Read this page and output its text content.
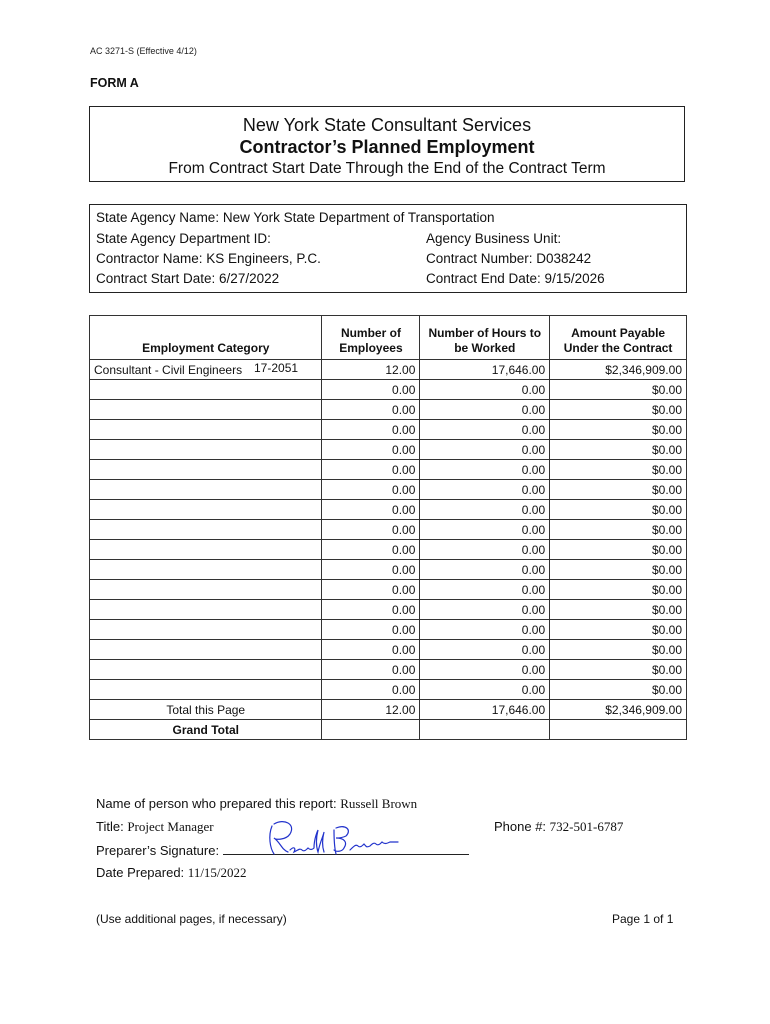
AC 3271-S (Effective 4/12)
FORM A
New York State Consultant Services
Contractor’s Planned Employment
From Contract Start Date Through the End of the Contract Term
State Agency Name: New York State Department of Transportation
State Agency Department ID:	Agency Business Unit:
Contractor Name: KS Engineers, P.C.	Contract Number: D038242
Contract Start Date: 6/27/2022	Contract End Date: 9/15/2026
Employment Category	Number of Employees	Number of Hours to be Worked	Amount Payable Under the Contract
Consultant - Civil Engineers 17-2051	12.00	17,646.00	$2,346,909.00

	0.00	0.00	$0.00

	0.00	0.00	$0.00

	0.00	0.00	$0.00

	0.00	0.00	$0.00

	0.00	0.00	$0.00

	0.00	0.00	$0.00

	0.00	0.00	$0.00

	0.00	0.00	$0.00

	0.00	0.00	$0.00

	0.00	0.00	$0.00

	0.00	0.00	$0.00

	0.00	0.00	$0.00

	0.00	0.00	$0.00

	0.00	0.00	$0.00

	0.00	0.00	$0.00

	0.00	0.00	$0.00
Total this Page	12.00	17,646.00	$2,346,909.00
Grand Total			
Name of person who prepared this report: Russell Brown
Title: Project Manager	Phone #: 732-501-6787
Preparer’s Signature:
Date Prepared: 11/15/2022
(Use additional pages, if necessary)	Page 1 of 1
